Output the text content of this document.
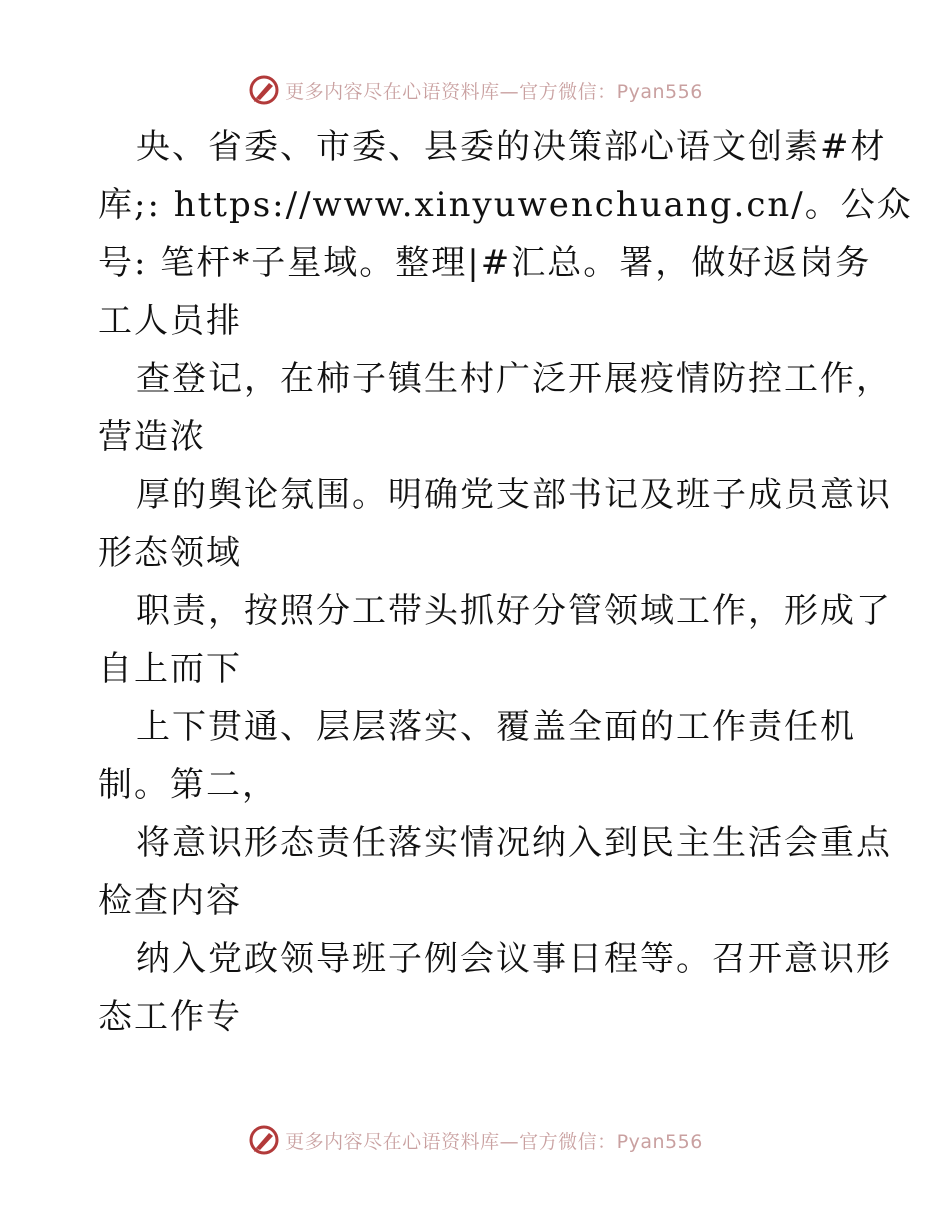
更多内容尽在心语资料库—官方微信：Pyan556
央、省委、市委、县委的决策部心语文创素#材
库;: https://www.xinyuwenchuang.cn/。公众
号: 笔杆*子星域。整理|#汇总。署，做好返岗务
工人员排
查登记，在柿子镇生村广泛开展疫情防控工作，
营造浓
厚的舆论氛围。明确党支部书记及班子成员意识
形态领域
职责，按照分工带头抓好分管领域工作，形成了
自上而下
上下贯通、层层落实、覆盖全面的工作责任机
制。第二，
将意识形态责任落实情况纳入到民主生活会重点
检查内容
纳入党政领导班子例会议事日程等。召开意识形
态工作专
更多内容尽在心语资料库—官方微信：Pyan556
